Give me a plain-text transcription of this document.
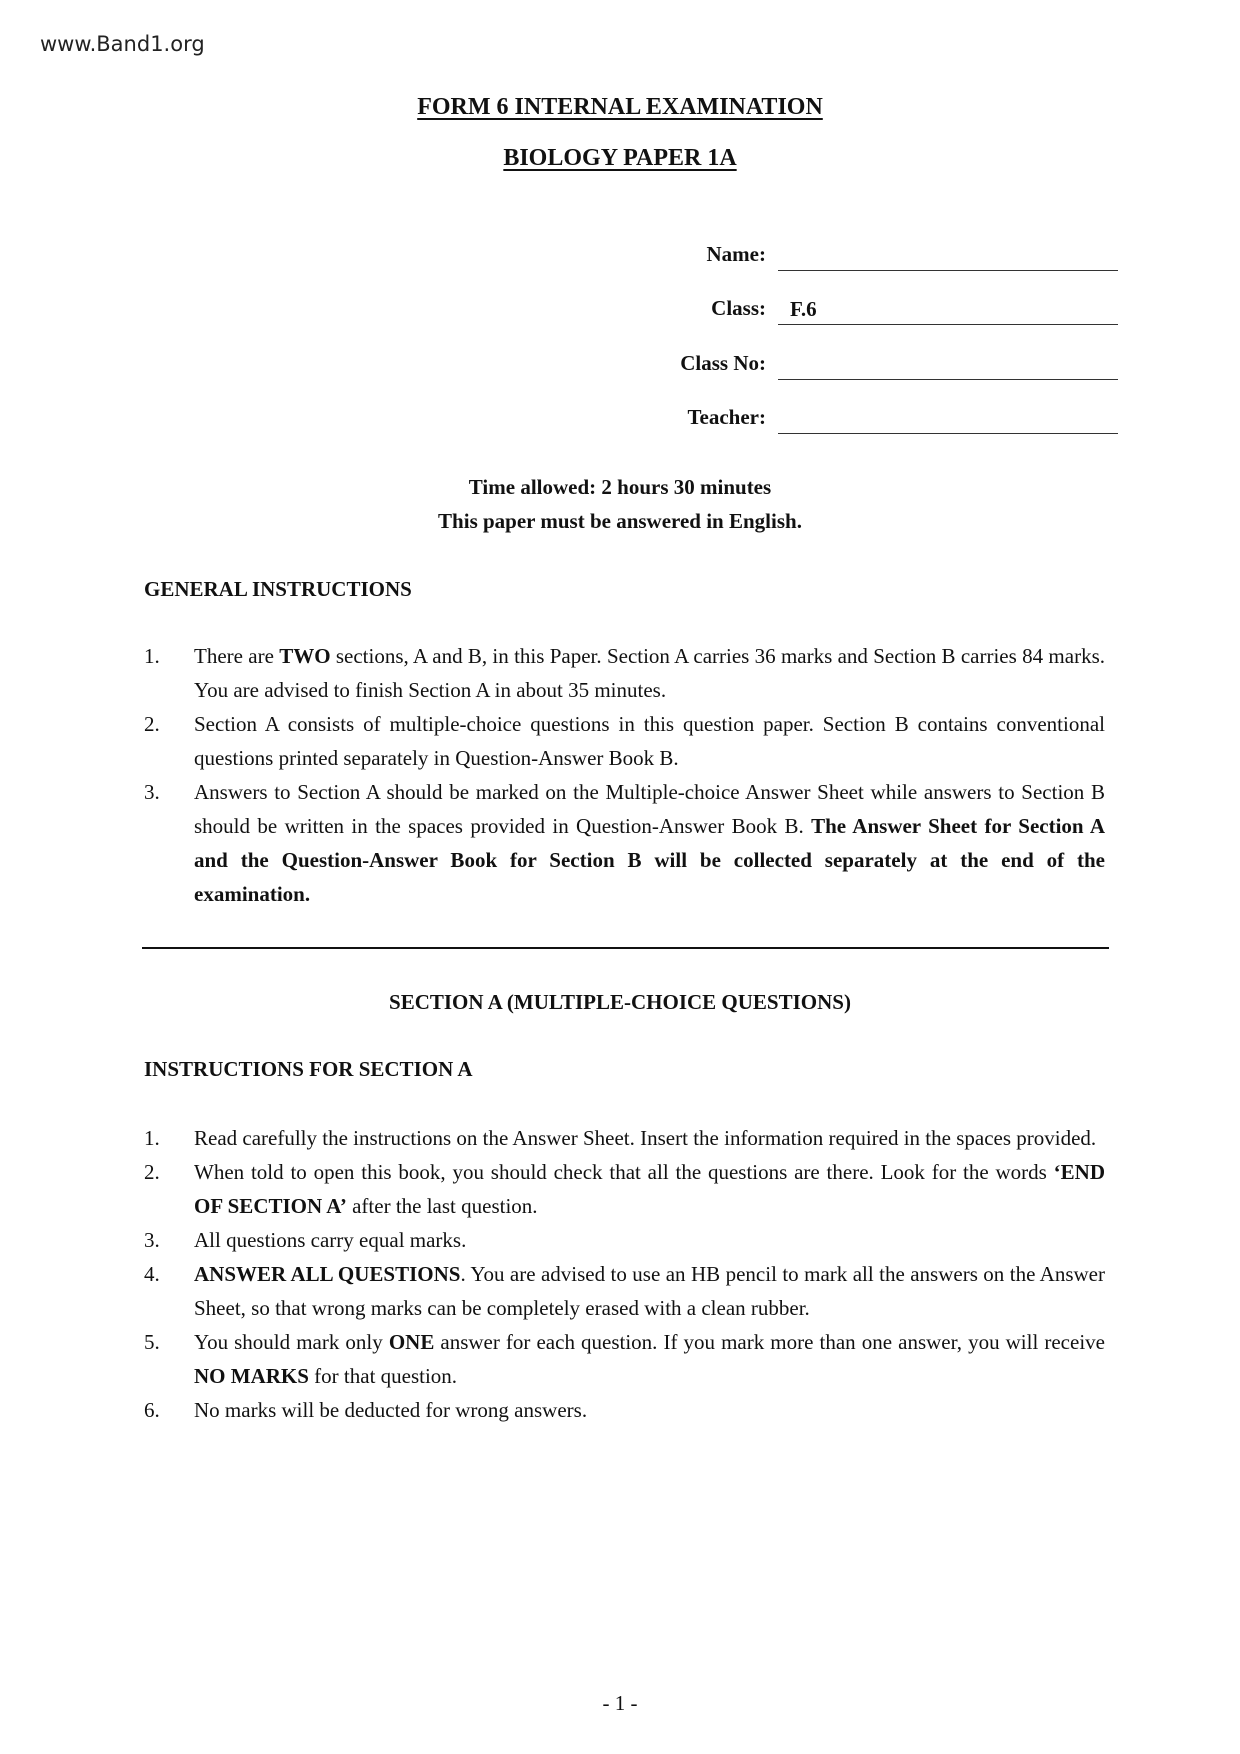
www.Band1.org
FORM 6 INTERNAL EXAMINATION
BIOLOGY PAPER 1A
Name:
Class:	F.6
Class No:
Teacher:
Time allowed: 2 hours 30 minutes
This paper must be answered in English.
GENERAL INSTRUCTIONS
1.	There are TWO sections, A and B, in this Paper. Section A carries 36 marks and Section B carries 84 marks. You are advised to finish Section A in about 35 minutes.
2.	Section A consists of multiple-choice questions in this question paper. Section B contains conventional questions printed separately in Question-Answer Book B.
3.	Answers to Section A should be marked on the Multiple-choice Answer Sheet while answers to Section B should be written in the spaces provided in Question-Answer Book B. The Answer Sheet for Section A and the Question-Answer Book for Section B will be collected separately at the end of the examination.
SECTION A (MULTIPLE-CHOICE QUESTIONS)
INSTRUCTIONS FOR SECTION A
1.	Read carefully the instructions on the Answer Sheet. Insert the information required in the spaces provided.
2.	When told to open this book, you should check that all the questions are there. Look for the words ‘END OF SECTION A’ after the last question.
3.	All questions carry equal marks.
4.	ANSWER ALL QUESTIONS. You are advised to use an HB pencil to mark all the answers on the Answer Sheet, so that wrong marks can be completely erased with a clean rubber.
5.	You should mark only ONE answer for each question. If you mark more than one answer, you will receive NO MARKS for that question.
6.	No marks will be deducted for wrong answers.
- 1 -
